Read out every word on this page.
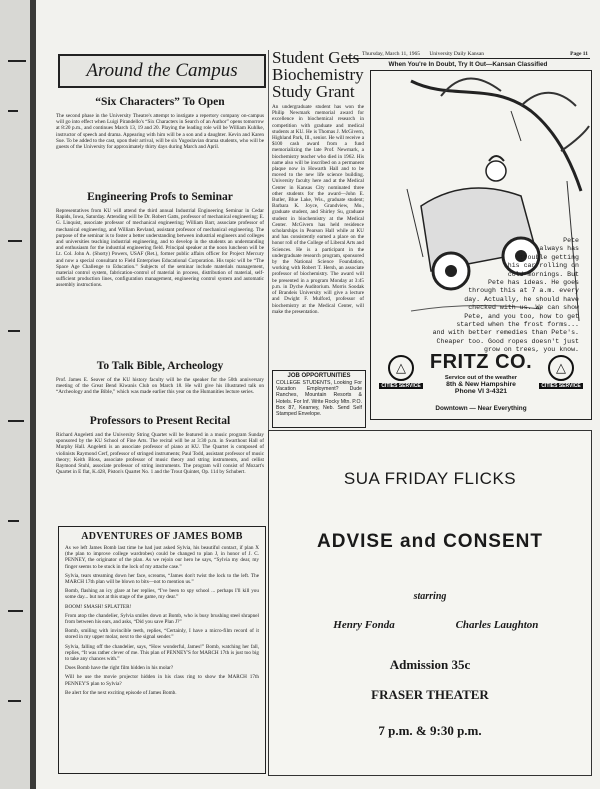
Thursday, March 11, 1965 University Daily Kansan	Page 11
When You're In Doubt, Try It Out—Kansan Classified
Around the Campus
“Six Characters” To Open
The second phase in the University Theatre's attempt to instigate a repertory company on-campus will go into effect when Luigi Pirandello's “Six Characters in Search of an Author” opens tomorrow at 8:20 p.m., and continues March 13, 19 and 20. Playing the leading role will be William Kuhlke, instructor of speech and drama. Appearing with him will be a son and a daughter. Kevin and Karen Sue. To be added to the cast, upon their arrival, will be six Yugoslavian drama students, who will be guests of the University for approximately thirty days during March and April.
Engineering Profs to Seminar
Representatives from KU will attend the third annual Industrial Engineering Seminar in Cedar Rapids, Iowa, Saturday. Attending will be Dr. Robert Gatts, professor of mechanical engineering; E. G. Linquist, associate professor of mechanical engineering; William Barr, associate professor of mechanical engineering, and William Revland, assistant professor of mechanical engineering. The purpose of the seminar is to foster a better understanding between industrial engineers and colleges and universities teaching industrial engineering, and to develop in the students an understanding and enthusiasm for the industrial engineering field. Principal speaker at the noon luncheon will be Lt. Col. John A. (Shorty) Powers, USAF (Ret.), former public affairs officer for Project Mercury and now a special consultant to Field Enterprises Educational Corporation. His topic will be “The Space Age Challenge to Education.” Subjects of the seminar include materials management, material control system, fabrication-control of material in process, distribution of material, self-sufficient production lines, configuration management, engineering control system and automatic assembly instructions.
To Talk Bible, Archeology
Prof. James E. Seaver of the KU history faculty will be the speaker for the 50th anniversary meeting of the Great Bend Kiwanis Club on March 18. He will give his illustrated talk on “Archeology and the Bible,” which was made earlier this year on the Humanities lecture series.
Professors to Present Recital
Richard Angeletti and the University String Quartet will be featured in a music program Sunday sponsored by the KU School of Fine Arts. The recital will be at 3:30 p.m. in Swarthout Hall of Murphy Hall. Angeletti is an associate professor of piano at KU. The Quartet is composed of violinists Raymond Cerf, professor of stringed instruments; Paul Todd, assistant professor of music theory; Keith Bloss, associate professor of music theory and string instruments, and cellist Raymond Stuhl, associate professor of string instruments. The program will consist of Mozart's Quartet in E flat, K.428, Piston's Quartet No. 1 and the Trout Quintet, Op. 114 by Schubert.
Student Gets Biochemistry Study Grant
An undergraduate student has won the Philip Newmark memorial award for excellence in biochemical research in competition with graduate and medical students at KU. He is Thomas J. McGivern, Highland Park, Ill., senior. He will receive a $100 cash award from a fund memorializing the late Prof. Newmark, a biochemistry teacher who died in 1962. His name also will be inscribed on a permanent plaque now in Howarth Hall and to be moved to the new life science building. University faculty here and at the Medical Center in Kansas City nominated three other students for the award—John E. Butler, Blue Lake, Wis., graduate student; Barbara K. Joyce, Grandview, Mo., graduate student, and Shirley Su, graduate student in biochemistry at the Medical Center. McGivern has held residence scholarships in Pearson Hall while at KU and has consistently earned a place on the honor roll of the College of Liberal Arts and Sciences. He is a participant in the undergraduate research program, sponsored by the National Science Foundation, working with Robert T. Hersh, an associate professor of biochemistry. The award will be presented in a program Monday at 3:45 p.m. in Dyche Auditorium. Morris Soodak of Brandeis University will give a lecture and Dwight F. Mulford, professor of biochemistry at the Medical Center, will make the presentation.
JOB OPPORTUNITIES
COLLEGE STUDENTS, Looking For Vacation Employment? Dude Ranches, Mountain Resorts & Hotels. For Inf. Write Rocky Mtn. P.O. Box 87, Kearney, Neb. Send Self Stamped Envelope.
Pete
always has
trouble getting
his car rolling on
cold mornings. But
Pete has ideas. He goes
through this at 7 a.m. every
day. Actually, he should have
checked with us. We can show
Pete, and you too, how to get
started when the frost forms...
and with better remedies than Pete's.
Cheaper too. Good ropes doesn't just
grow on trees, you know.
△
CITIES SERVICE
FRITZ CO.
Service out of the weather
8th & New Hampshire
Phone VI 3-4321
△
CITIES SERVICE
Downtown — Near Everything
ADVENTURES OF JAMES BOMB

As we left James Bomb last time he had just asked Sylvia, his beautiful contact, if plan X (the plan to improve college wardrobes) could be changed to plan J, in honor of J. C. PENNEY, the originator of the plan. As we rejoin our hero he says, “Sylvia my dear, my finger seems to be stuck in the lock of my attache case.”

Sylvia, tears streaming down her face, screams, “James don't twist the lock to the left. The MARCH 17th plan will be blown to bits—not to mention us.”

Bomb, flashing an icy glare at her replies, “I've been to spy school ... perhaps I'll kill you some day... but not at this stage of the game, my dear.”

BOOM! SMASH! SPLATTER!

From atop the chandelier, Sylvia smiles down at Bomb, who is busy brushing steel shrapnel from between his ears, and asks, “Did you save Plan J?”

Bomb, smiling with invincible teeth, replies, “Certainly, I have a micro-film record of it stored in my upper molar, next to the signal sender.”

Sylvia, falling off the chandelier, says, “How wonderful, James!” Bomb, watching her fall, replies, “It was rather clever of me. This plan of PENNEY'S for MARCH 17th is just too big to take any chances with.”

Does Bomb have the right film hidden in his molar?

Will he use the movie projector hidden in his class ring to show the MARCH 17th PENNEY'S plan to Sylvia?

Be alert for the next exciting episode of James Bomb.

SUA FRIDAY FLICKS
ADVISE and CONSENT
starring
Henry Fonda	Charles Laughton
Admission 35c
FRASER THEATER
7 p.m. & 9:30 p.m.
